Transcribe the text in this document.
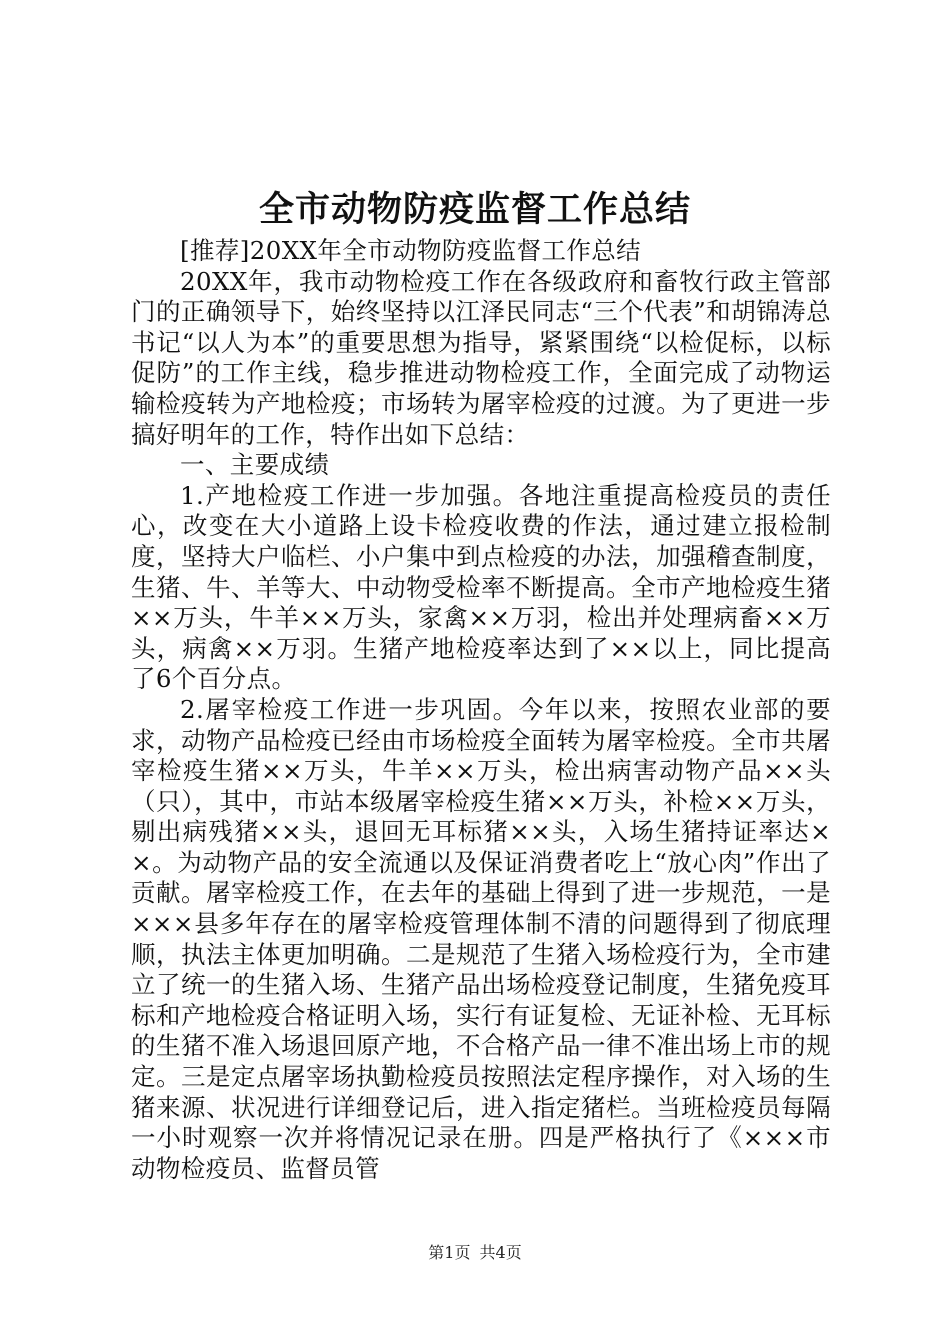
全市动物防疫监督工作总结

[推荐]20XX年全市动物防疫监督工作总结

20XX年，我市动物检疫工作在各级政府和畜牧行政主管部门的正确领导下，始终坚持以江泽民同志“三个代表”和胡锦涛总书记“以人为本”的重要思想为指导，紧紧围绕“以检促标，以标促防”的工作主线，稳步推进动物检疫工作，全面完成了动物运输检疫转为产地检疫；市场转为屠宰检疫的过渡。为了更进一步搞好明年的工作，特作出如下总结：

一、主要成绩

1.产地检疫工作进一步加强。各地注重提高检疫员的责任心，改变在大小道路上设卡检疫收费的作法，通过建立报检制度，坚持大户临栏、小户集中到点检疫的办法，加强稽查制度，生猪、牛、羊等大、中动物受检率不断提高。全市产地检疫生猪××万头，牛羊××万头，家禽××万羽，检出并处理病畜××万头，病禽××万羽。生猪产地检疫率达到了××以上，同比提高了6个百分点。

2.屠宰检疫工作进一步巩固。今年以来，按照农业部的要求，动物产品检疫已经由市场检疫全面转为屠宰检疫。全市共屠宰检疫生猪××万头，牛羊××万头，检出病害动物产品××头（只），其中，市站本级屠宰检疫生猪××万头，补检××万头，剔出病残猪××头，退回无耳标猪××头，入场生猪持证率达××。为动物产品的安全流通以及保证消费者吃上“放心肉”作出了贡献。屠宰检疫工作，在去年的基础上得到了进一步规范，一是×××县多年存在的屠宰检疫管理体制不清的问题得到了彻底理顺，执法主体更加明确。二是规范了生猪入场检疫行为，全市建立了统一的生猪入场、生猪产品出场检疫登记制度，生猪免疫耳标和产地检疫合格证明入场，实行有证复检、无证补检、无耳标的生猪不准入场退回原产地，不合格产品一律不准出场上市的规定。三是定点屠宰场执勤检疫员按照法定程序操作，对入场的生猪来源、状况进行详细登记后，进入指定猪栏。当班检疫员每隔一小时观察一次并将情况记录在册。四是严格执行了《×××市动物检疫员、监督员管

第1页 共4页
